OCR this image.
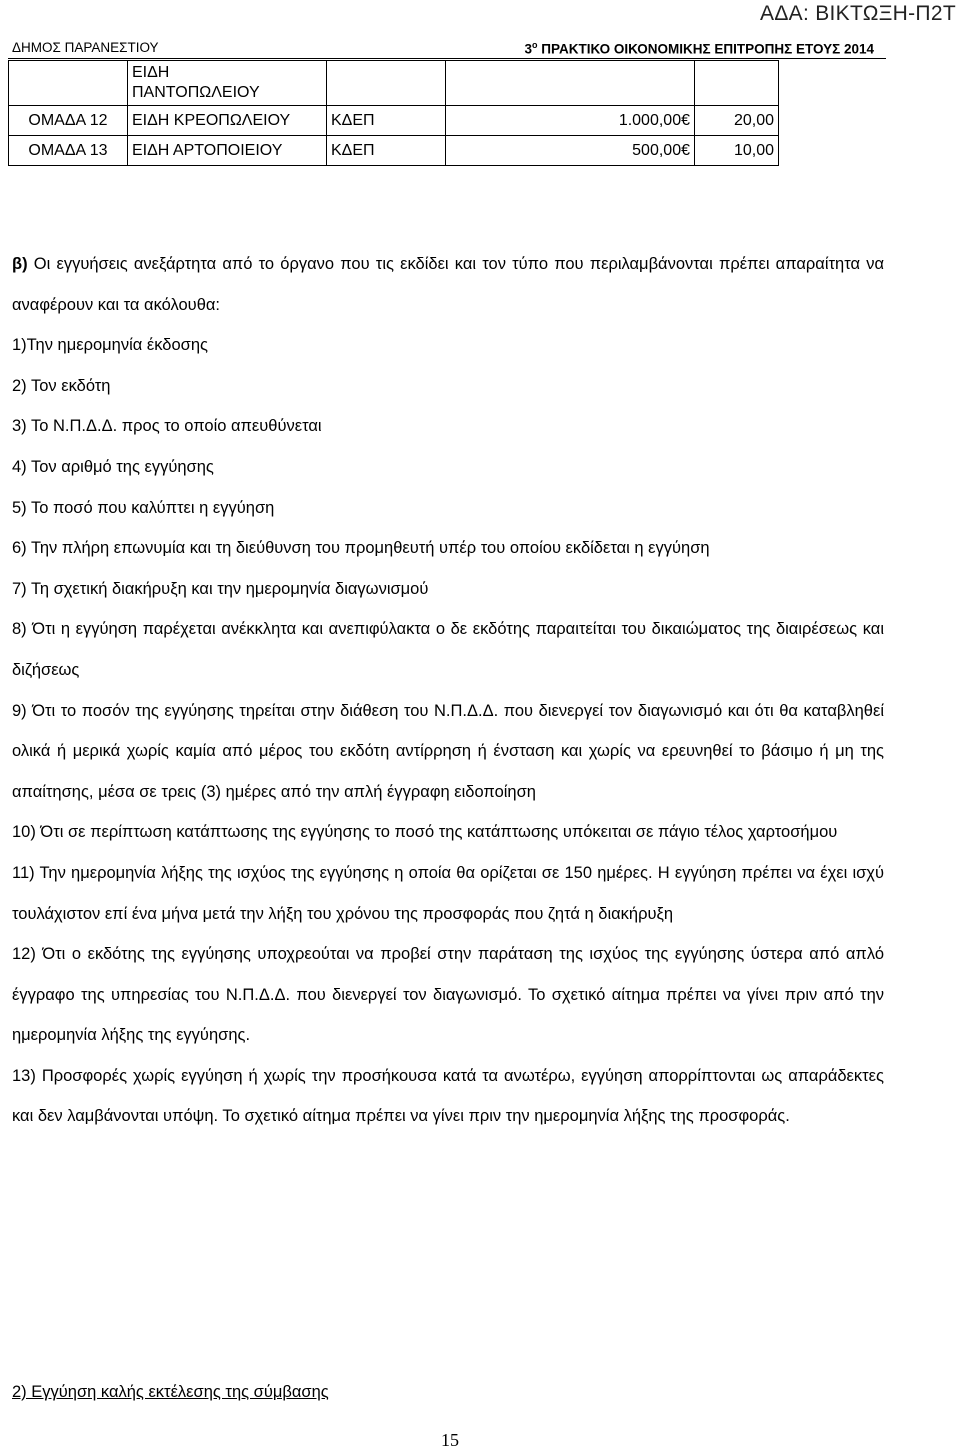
ΑΔΑ: ΒΙΚΤΩΞΗ-Π2Τ
ΔΗΜΟΣ ΠΑΡΑΝΕΣΤΙΟΥ	$3^o$ ΠΡΑΚΤΙΚΟ ΟΙΚΟΝΟΜΙΚΗΣ ΕΠΙΤΡΟΠΗΣ ΕΤΟΥΣ 2014

	ΕΙΔΗ
ΠΑΝΤΟΠΩΛΕΙΟΥ			

ΟΜΑΔΑ 12	ΕΙΔΗ ΚΡΕΟΠΩΛΕΙΟΥ	ΚΔΕΠ	1.000,00€	20,00
ΟΜΑΔΑ 13	ΕΙΔΗ ΑΡΤΟΠΟΙΕΙΟΥ	ΚΔΕΠ	500,00€	10,00

β) Οι εγγυήσεις ανεξάρτητα από το όργανο που τις εκδίδει και τον τύπο που περιλαμβάνονται πρέπει απαραίτητα να αναφέρουν και τα ακόλουθα:

1)Την ημερομηνία έκδοσης

2) Τον εκδότη

3) Το Ν.Π.Δ.Δ. προς το οποίο απευθύνεται

4) Τον αριθμό της εγγύησης

5) Το ποσό που καλύπτει η εγγύηση

6) Την πλήρη επωνυμία και τη διεύθυνση του προμηθευτή υπέρ του οποίου εκδίδεται η εγγύηση

7) Τη σχετική διακήρυξη και την ημερομηνία διαγωνισμού

8) Ότι η εγγύηση παρέχεται ανέκκλητα και ανεπιφύλακτα ο δε εκδότης παραιτείται του δικαιώματος της διαιρέσεως και διζήσεως

9) Ότι το ποσόν της εγγύησης τηρείται στην διάθεση του Ν.Π.Δ.Δ. που διενεργεί τον διαγωνισμό και ότι θα καταβληθεί ολικά ή μερικά χωρίς καμία από μέρος του εκδότη αντίρρηση ή ένσταση και χωρίς να ερευνηθεί το βάσιμο ή μη της απαίτησης, μέσα σε τρεις (3) ημέρες από την απλή έγγραφη ειδοποίηση

10) Ότι σε περίπτωση κατάπτωσης της εγγύησης το ποσό της κατάπτωσης υπόκειται σε πάγιο τέλος χαρτοσήμου

11) Την ημερομηνία λήξης της ισχύος της εγγύησης η οποία θα ορίζεται σε 150 ημέρες. Η εγγύηση πρέπει να έχει ισχύ τουλάχιστον επί ένα μήνα μετά την λήξη του χρόνου της προσφοράς που ζητά η διακήρυξη

12) Ότι ο εκδότης της εγγύησης υποχρεούται να προβεί στην παράταση της ισχύος της εγγύησης ύστερα από απλό έγγραφο της υπηρεσίας του Ν.Π.Δ.Δ. που διενεργεί τον διαγωνισμό. Το σχετικό αίτημα πρέπει να γίνει πριν από την ημερομηνία λήξης της εγγύησης.

13) Προσφορές χωρίς εγγύηση ή χωρίς την προσήκουσα κατά τα ανωτέρω, εγγύηση απορρίπτονται ως απαράδεκτες και δεν λαμβάνονται υπόψη. Το σχετικό αίτημα πρέπει να γίνει πριν την ημερομηνία λήξης της προσφοράς.

2) Εγγύηση καλής εκτέλεσης της σύμβασης
15
